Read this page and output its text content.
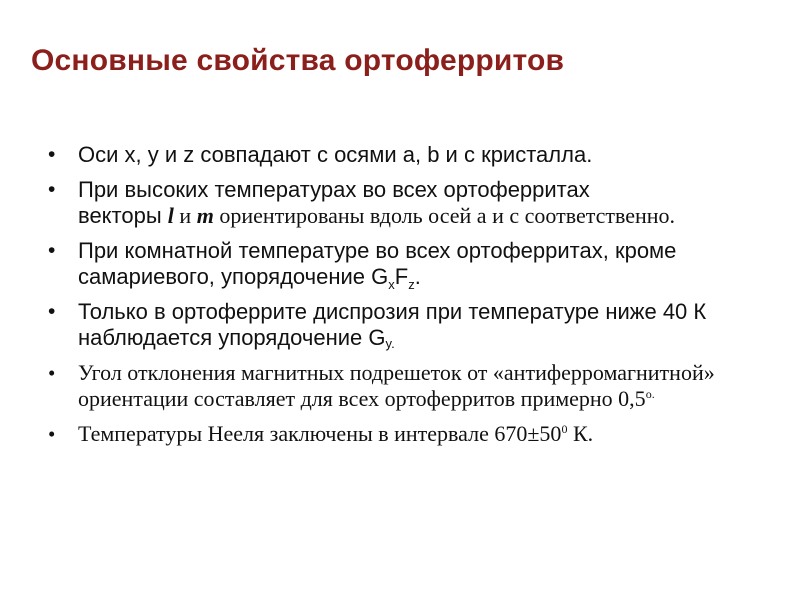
Основные свойства ортоферритов
• Оси x, y и z совпадают с осями a, b и c кристалла.
• При высоких температурах во всех ортоферритах
векторы l и m ориентированы вдоль осей a и c соответственно.
• При комнатной температуре во всех ортоферритах, кроме самариевого, упорядочение $G_xF_z$.
• Только в ортоферрите диспрозия при температуре ниже 40 К наблюдается упорядочение Gy.
• Угол отклонения магнитных подрешеток от «антиферромагнитной» ориентации составляет для всех ортоферритов примерно $0,5^{o.}$
• Температуры Нееля заключены в интервале $670\pm 50^0$ К.
